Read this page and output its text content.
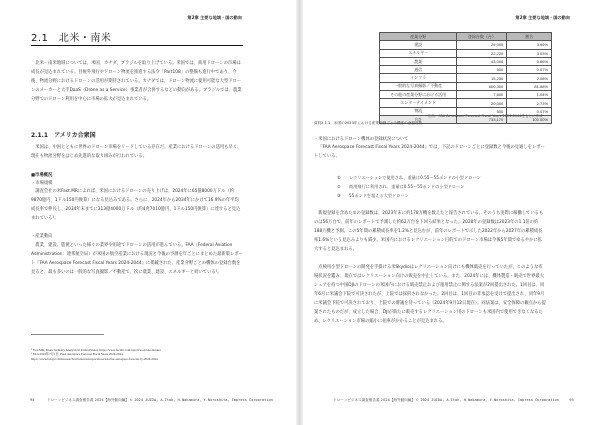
第2章 主要な地域・国の動向
2.1　北米・南米
北米・南米地域については、米国、カナダ、ブラジルを取り上げている。米国では、商用ドローンの市場は成長が見込まれている。目視外飛行やドローン物流を推進する法令「Part108」の整備も進行中であり、今後、物流分野におけるドローンの活用が期待されている。カナダでは、ドローン物流に使用可能な大型ドローンのメーカーと大手DaaS（Drone as a Service）事業者が合併するなどの動向がある。ブラジルでは、農業分野でのドローン利用を中心に市場の拡大が見込まれている。
2.1.1　アメリカ合衆国
米国は、中国とともに世界のドローン市場をリードしている存在だ。産業におけるドローンの活用も早く、現在も物流分野をはじめ先進的な取り組みが行われている。
■市場概況
・市場規模
調査会社の米Fact.MRによれば、米国におけるドローンの売り上げは、2024年に65億8000万ドル（約9870億円、1ドル150円換算）になる見込みである。さらに、2024年から2034年にかけて16.9%の年平均成長率で伸長し、2034年末までに313億4000万ドル（約4兆7010億円、1ドル150円換算）に達すると見込まれている¹。
・産業動向
農業、建設、監視といった様々の業界や用途でドローンの活用が進んでいる。FAA（Federal Aviation Administration：連邦航空局）が米国の航空産業における現況と今後の予測を年ごとにまとめた最新版レポート『FAA Aerospace Forecast Fiscal Years 2024-2044』に掲載された、産業分野ごとの機体の登録台数を見ると、最も多いのは一般的な写真撮影／不動産で、次に農業、建設、エネルギーと続いている²。
¹ Fact.MR, Drone Industry Analysis in United States, https://www.factmr.com/report/us-drone-market
² FAA 2024年7月1日, FAA Aerospace Forecast Fiscal Years 2024-2044,
https://www.faa.gov/dataresearch/aviation/aerospaceforecasts/faa-aerospace-forecast-fy-2024-2044
94	ドローンビジネス調査報告書 2024【海外動向編】 © 2024 JUIDA, A.Itoh, H.Nakamura, Y.Noroshita, Impress Corporation
第2章 主要な地域・国の動向
産業分野	登録台数（台）	割合
建設	29,000	3.96%
エネルギー	22,220	3.03%
農業	43,000	5.86%
通信	500	0.07%
インフラ	15,250	2.08%
一般的な写真撮影／不動産	600,300	81.88%
その他の産業分野における活用	7,600	1.04%
エンターテイメント	20,000	2.73%
物流	500	0.07%
合計	733,170	100.00%
出所：FAA Aerospace Forecast Fiscal Years 2024-2044をもとに作成
資料2.1.1　米国の2023年における産業分野ごとの機体の登録台数
・米国におけるドローン機体の登録状況について
『FAA Aerospace Forecast Fiscal Years 2024-2044』では、下記のドローンごとに登録数と今後の見通しをレポートしている。
① レクリエーションで使用され、重量は0.55～55ポンドの小型ドローン
② 商用飛行に利用され、重量は0.55～55ポンドの小型ドローン
③ 55ポンドを超える大型ドローン
新規登録を含めた①の登録数は、2023年末に約178万機を数えたと報告されている。そのうち実際に稼働しているものは56万台で、前年のレポートで予測した約62万台を下回る結果となった。2028年の登録数は2023年の1.1倍の約188万機と予測。この5年間の累積成長率を1.2%と見込むが、前年のレポートで示した2022年から2027年の累積成長率1.6%という見込みよりも減少。米国内におけるレクリエーション目的でのドローン市場は今後5年間でゆるやかに拡大すると見込まれる。
点検用小型ドローンの開発を手掛ける米Skydioはレクリエーション向けにも機体販売を行っていたが、このような市場状況を鑑み、現在ではレクリエーション向けの販売を中止している。また、2024年には、機体製造・販売で世界最大シェアを持つ中国DJIのドローンの米国内における販売禁止および運用禁止に関する法案が2回提出された。1回目は、同年6月に米議会下院で可決されたが、上院では採択されなかった。2回目は、1回目の非承認を受けて提出され、同年9月に米議会下院で可決されており、上院での審議を待っている（2024年9月12日現在）。同法案は、安全保障の観点から提案されたものだが、成立した場合、DJIが新たに販売するレクリエーション用のドローンも米国内で使用できなくなるため、レクリエーション市場の縮小に拍車がかかることが見込まれる。
ドローンビジネス調査報告書 2024【海外動向編】 © 2024 JUIDA, A.Itoh, H.Nakamura, Y.Noroshita, Impress Corporation	95
